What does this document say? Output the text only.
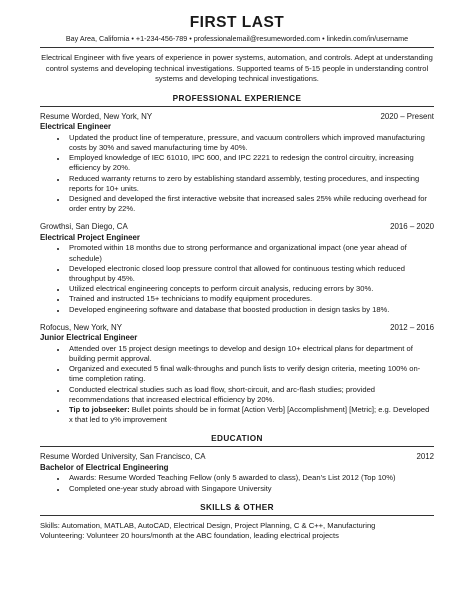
FIRST LAST
Bay Area, California • +1-234-456-789 • professionalemail@resumeworded.com • linkedin.com/in/username
Electrical Engineer with five years of experience in power systems, automation, and controls. Adept at understanding control systems and developing technical investigations. Supported teams of 5-15 people in understanding control systems and developing technical investigations.
PROFESSIONAL EXPERIENCE
Resume Worded, New York, NY	2020 – Present
Electrical Engineer
• Updated the product line of temperature, pressure, and vacuum controllers which improved manufacturing costs by 30% and saved manufacturing time by 40%.
• Employed knowledge of IEC 61010, IPC 600, and IPC 2221 to redesign the control circuitry, increasing efficiency by 20%.
• Reduced warranty returns to zero by establishing standard assembly, testing procedures, and inspecting reports for 10+ units.
• Designed and developed the first interactive website that increased sales 25% while reducing overhead for order entry by 22%.
Growthsi, San Diego, CA	2016 – 2020
Electrical Project Engineer
• Promoted within 18 months due to strong performance and organizational impact (one year ahead of schedule)
• Developed electronic closed loop pressure control that allowed for continuous testing which reduced throughput by 45%.
• Utilized electrical engineering concepts to perform circuit analysis, reducing errors by 30%.
• Trained and instructed 15+ technicians to modify equipment procedures.
• Developed engineering software and database that boosted production in design tasks by 18%.
Rofocus, New York, NY	2012 – 2016
Junior Electrical Engineer
• Attended over 15 project design meetings to develop and design 10+ electrical plans for department of building permit approval.
• Organized and executed 5 final walk-throughs and punch lists to verify design criteria, meeting 100% on-time completion rating.
• Conducted electrical studies such as load flow, short-circuit, and arc-flash studies; provided recommendations that increased electrical efficiency by 20%.
• Tip to jobseeker: Bullet points should be in format [Action Verb] [Accomplishment] [Metric]; e.g. Developed x that led to y% improvement
EDUCATION
Resume Worded University, San Francisco, CA	2012
Bachelor of Electrical Engineering
• Awards: Resume Worded Teaching Fellow (only 5 awarded to class), Dean’s List 2012 (Top 10%)
• Completed one-year study abroad with Singapore University
SKILLS & OTHER
Skills: Automation, MATLAB, AutoCAD, Electrical Design, Project Planning, C & C++, Manufacturing
Volunteering: Volunteer 20 hours/month at the ABC foundation, leading electrical projects
